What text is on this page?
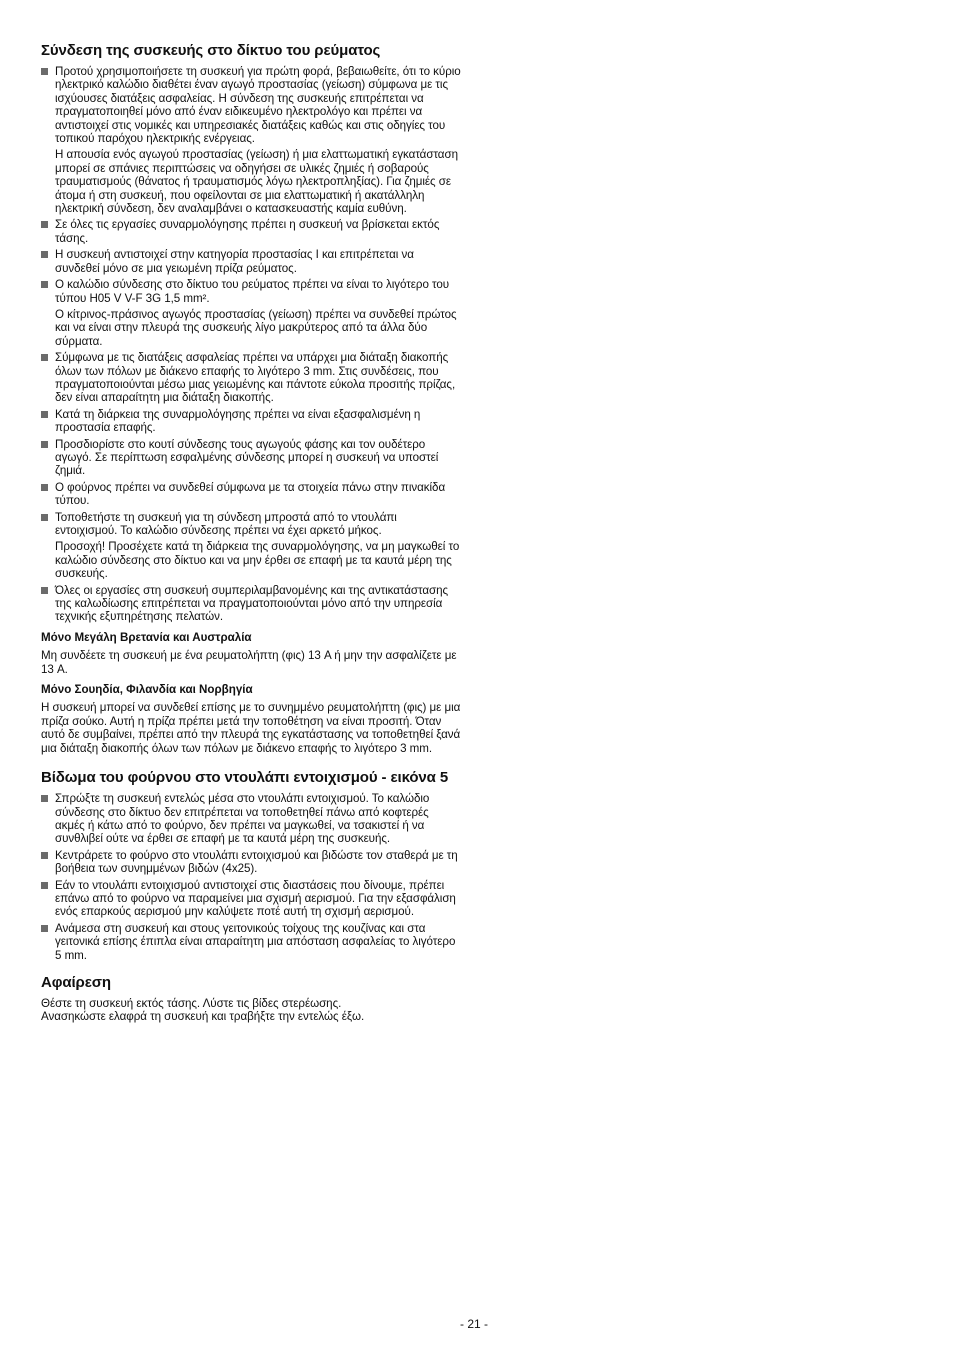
Σύνδεση της συσκευής στο δίκτυο του ρεύματος

Προτού χρησιμοποιήσετε τη συσκευή για πρώτη φορά, βεβαιωθείτε, ότι το κύριο ηλεκτρικό καλώδιο διαθέτει έναν αγωγό προστασίας (γείωση) σύμφωνα με τις ισχύουσες διατάξεις ασφαλείας. Η σύνδεση της συσκευής επιτρέπεται να πραγματοποιηθεί μόνο από έναν ειδικευμένο ηλεκτρολόγο και πρέπει να αντιστοιχεί στις νομικές και υπηρεσιακές διατάξεις καθώς και στις οδηγίες του τοπικού παρόχου ηλεκτρικής ενέργειας.

Η απουσία ενός αγωγού προστασίας (γείωση) ή μια ελαττωματική εγκατάσταση μπορεί σε σπάνιες περιπτώσεις να οδηγήσει σε υλικές ζημιές ή σοβαρούς τραυματισμούς (θάνατος ή τραυματισμός λόγω ηλεκτροπληξίας). Για ζημιές σε άτομα ή στη συσκευή, που οφείλονται σε μια ελαττωματική ή ακατάλληλη ηλεκτρική σύνδεση, δεν αναλαμβάνει ο κατασκευαστής καμία ευθύνη.

Σε όλες τις εργασίες συναρμολόγησης πρέπει η συσκευή να βρίσκεται εκτός τάσης.

Η συσκευή αντιστοιχεί στην κατηγορία προστασίας I και επιτρέπεται να συνδεθεί μόνο σε μια γειωμένη πρίζα ρεύματος.

Ο καλώδιο σύνδεσης στο δίκτυο του ρεύματος πρέπει να είναι το λιγότερο του τύπου H05 V V-F 3G 1,5 mm².

Ο κίτρινος-πράσινος αγωγός προστασίας (γείωση) πρέπει να συνδεθεί πρώτος και να είναι στην πλευρά της συσκευής λίγο μακρύτερος από τα άλλα δύο σύρματα.

Σύμφωνα με τις διατάξεις ασφαλείας πρέπει να υπάρχει μια διάταξη διακοπής όλων των πόλων με διάκενο επαφής το λιγότερο 3 mm. Στις συνδέσεις, που πραγματοποιούνται μέσω μιας γειωμένης και πάντοτε εύκολα προσιτής πρίζας, δεν είναι απαραίτητη μια διάταξη διακοπής.

Κατά τη διάρκεια της συναρμολόγησης πρέπει να είναι εξασφαλισμένη η προστασία επαφής.

Προσδιορίστε στο κουτί σύνδεσης τους αγωγούς φάσης και τον ουδέτερο αγωγό. Σε περίπτωση εσφαλμένης σύνδεσης μπορεί η συσκευή να υποστεί ζημιά.

Ο φούρνος πρέπει να συνδεθεί σύμφωνα με τα στοιχεία πάνω στην πινακίδα τύπου.

Τοποθετήστε τη συσκευή για τη σύνδεση μπροστά από το ντουλάπι εντοιχισμού. Το καλώδιο σύνδεσης πρέπει να έχει αρκετό μήκος.

Προσοχή! Προσέχετε κατά τη διάρκεια της συναρμολόγησης, να μη μαγκωθεί το καλώδιο σύνδεσης στο δίκτυο και να μην έρθει σε επαφή με τα καυτά μέρη της συσκευής.

Όλες οι εργασίες στη συσκευή συμπεριλαμβανομένης και της αντικατάστασης της καλωδίωσης επιτρέπεται να πραγματοποιούνται μόνο από την υπηρεσία τεχνικής εξυπηρέτησης πελατών.

Μόνο Μεγάλη Βρετανία και Αυστραλία

Μη συνδέετε τη συσκευή με ένα ρευματολήπτη (φις) 13 A ή μην την ασφαλίζετε με 13 A.

Μόνο Σουηδία, Φιλανδία και Νορβηγία

Η συσκευή μπορεί να συνδεθεί επίσης με το συνημμένο ρευματολήπτη (φις) με μια πρίζα σούκο. Αυτή η πρίζα πρέπει μετά την τοποθέτηση να είναι προσιτή. Όταν αυτό δε συμβαίνει, πρέπει από την πλευρά της εγκατάστασης να τοποθετηθεί ξανά μια διάταξη διακοπής όλων των πόλων με διάκενο επαφής το λιγότερο 3 mm.

Βίδωμα του φούρνου στο ντουλάπι εντοιχισμού - εικόνα 5

Σπρώξτε τη συσκευή εντελώς μέσα στο ντουλάπι εντοιχισμού. Το καλώδιο σύνδεσης στο δίκτυο δεν επιτρέπεται να τοποθετηθεί πάνω από κοφτερές ακμές ή κάτω από το φούρνο, δεν πρέπει να μαγκωθεί, να τσακιστεί ή να συνθλιβεί ούτε να έρθει σε επαφή με τα καυτά μέρη της συσκευής.

Κεντράρετε το φούρνο στο ντουλάπι εντοιχισμού και βιδώστε τον σταθερά με τη βοήθεια των συνημμένων βιδών (4x25).

Εάν το ντουλάπι εντοιχισμού αντιστοιχεί στις διαστάσεις που δίνουμε, πρέπει επάνω από το φούρνο να παραμείνει μια σχισμή αερισμού. Για την εξασφάλιση ενός επαρκούς αερισμού μην καλύψετε ποτέ αυτή τη σχισμή αερισμού.

Ανάμεσα στη συσκευή και στους γειτονικούς τοίχους της κουζίνας και στα γειτονικά επίσης έπιπλα είναι απαραίτητη μια απόσταση ασφαλείας το λιγότερο 5 mm.

Αφαίρεση

Θέστε τη συσκευή εκτός τάσης. Λύστε τις βίδες στερέωσης.

Ανασηκώστε ελαφρά τη συσκευή και τραβήξτε την εντελώς έξω.

- 21 -
